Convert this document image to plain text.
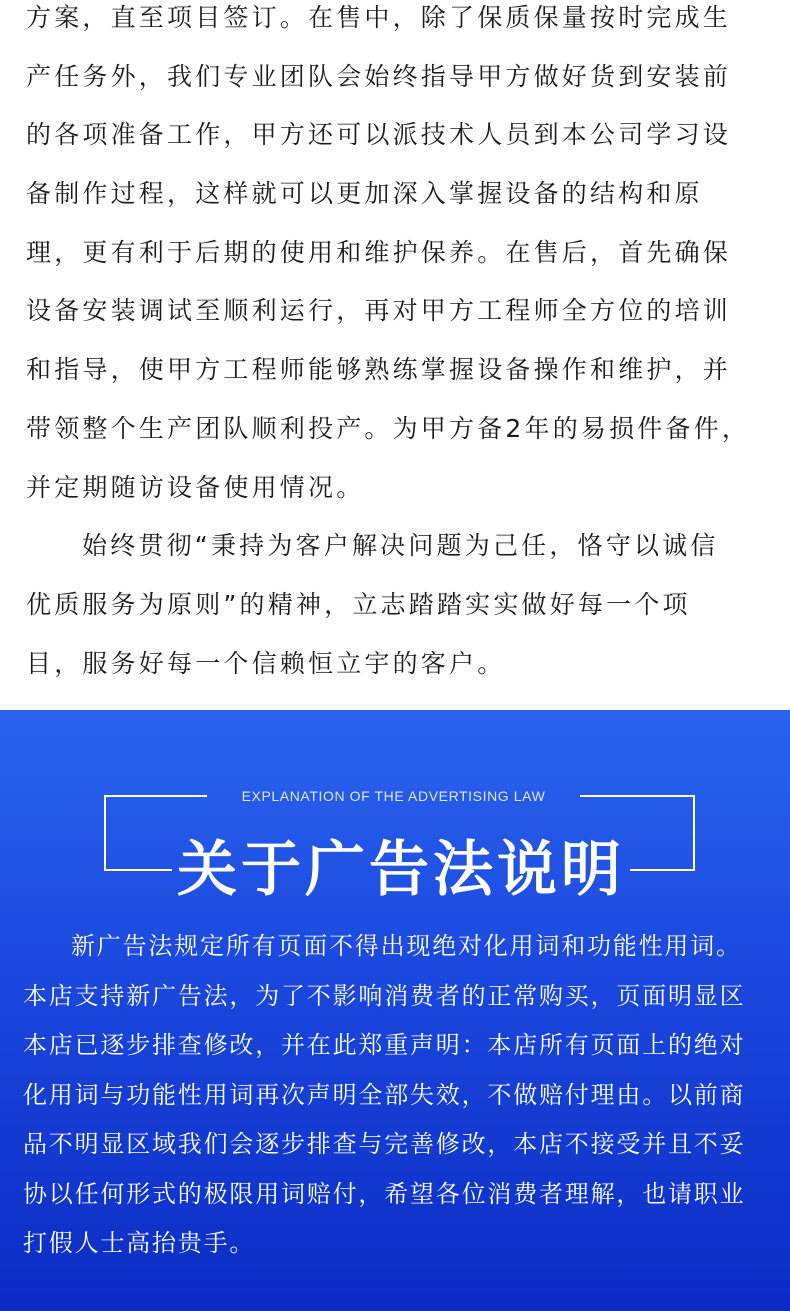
方案，直至项目签订。在售中，除了保质保量按时完成生
产任务外，我们专业团队会始终指导甲方做好货到安装前
的各项准备工作，甲方还可以派技术人员到本公司学习设
备制作过程，这样就可以更加深入掌握设备的结构和原
理，更有利于后期的使用和维护保养。在售后，首先确保
设备安装调试至顺利运行，再对甲方工程师全方位的培训
和指导，使甲方工程师能够熟练掌握设备操作和维护，并
带领整个生产团队顺利投产。为甲方备2年的易损件备件，
并定期随访设备使用情况。
始终贯彻“秉持为客户解决问题为己任，恪守以诚信
优质服务为原则”的精神，立志踏踏实实做好每一个项
目，服务好每一个信赖恒立宇的客户。
EXPLANATION OF THE ADVERTISING LAW
关于广告法说明
新广告法规定所有页面不得出现绝对化用词和功能性用词。
本店支持新广告法，为了不影响消费者的正常购买，页面明显区
本店已逐步排查修改，并在此郑重声明：本店所有页面上的绝对
化用词与功能性用词再次声明全部失效，不做赔付理由。以前商
品不明显区域我们会逐步排查与完善修改，本店不接受并且不妥
协以任何形式的极限用词赔付，希望各位消费者理解，也请职业
打假人士高抬贵手。
